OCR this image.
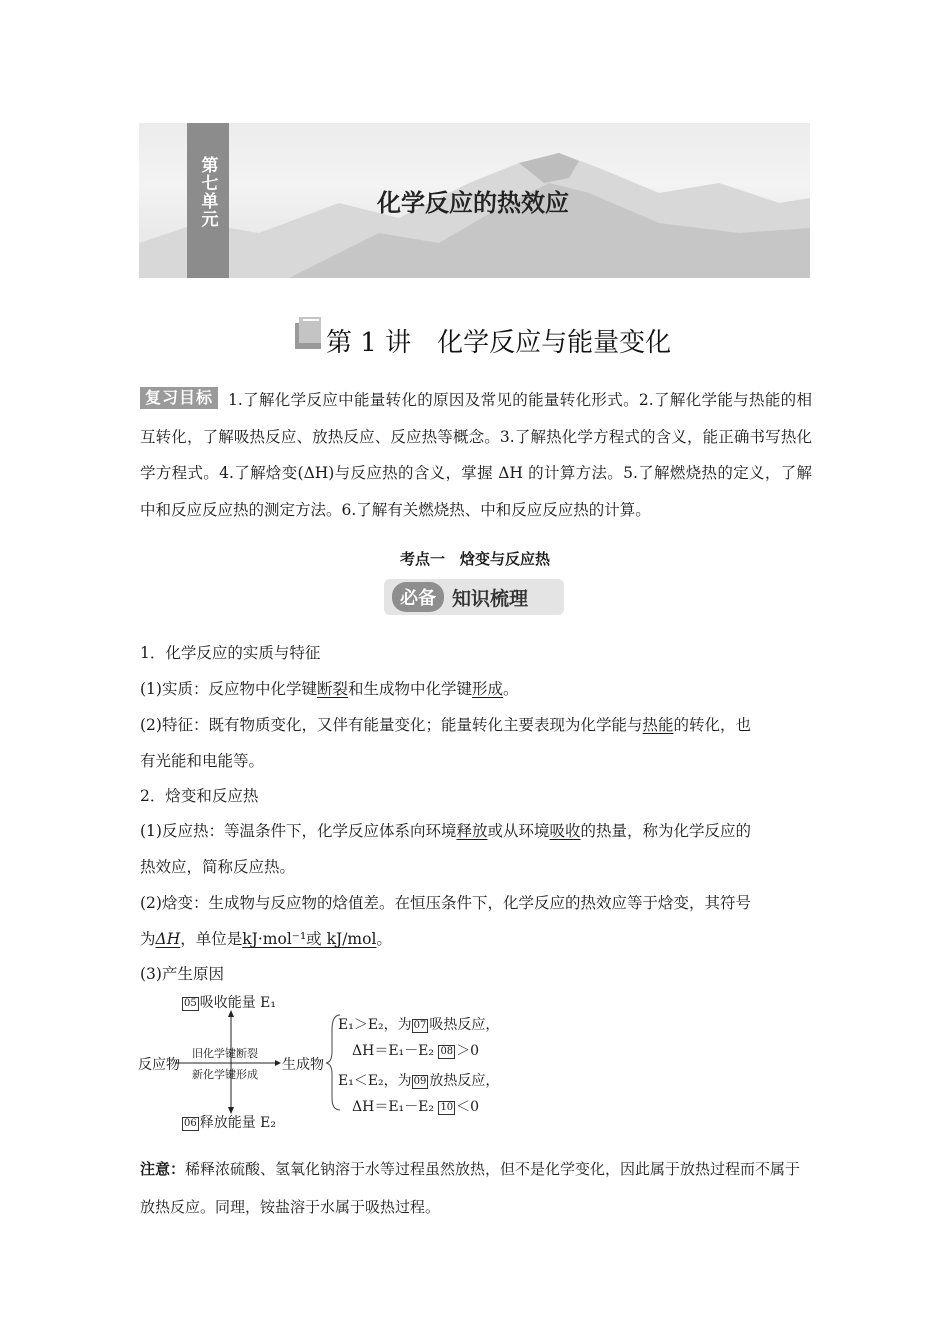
第七单元	化学反应的热效应
第 1 讲　化学反应与能量变化
复习目标 1.了解化学反应中能量转化的原因及常见的能量转化形式。2.了解化学能与热能的相互转化，了解吸热反应、放热反应、反应热等概念。3.了解热化学方程式的含义，能正确书写热化学方程式。4.了解焓变(ΔH)与反应热的含义，掌握 ΔH 的计算方法。5.了解燃烧热的定义，了解中和反应反应热的测定方法。6.了解有关燃烧热、中和反应反应热的计算。
考点一　焓变与反应热
必备 知识梳理
1．化学反应的实质与特征
(1)实质：反应物中化学键断裂和生成物中化学键形成。
(2)特征：既有物质变化，又伴有能量变化；能量转化主要表现为化学能与热能的转化，也
有光能和电能等。
2．焓变和反应热
(1)反应热：等温条件下，化学反应体系向环境释放或从环境吸收的热量，称为化学反应的
热效应，简称反应热。
(2)焓变：生成物与反应物的焓值差。在恒压条件下，化学反应的热效应等于焓变，其符号
为ΔH，单位是kJ·mol⁻¹或 kJ/mol。
(3)产生原因
05 吸收能量 E₁
06 释放能量 E₂
反应物
旧化学键断裂
新化学键形成
生成物
E₁＞E₂，为 07 吸热反应，
ΔH＝E₁－E₂ 08 ＞0
E₁＜E₂，为 09 放热反应，
ΔH＝E₁－E₂ 10 ＜0
注意：稀释浓硫酸、氢氧化钠溶于水等过程虽然放热，但不是化学变化，因此属于放热过程而不属于放热反应。同理，铵盐溶于水属于吸热过程。
